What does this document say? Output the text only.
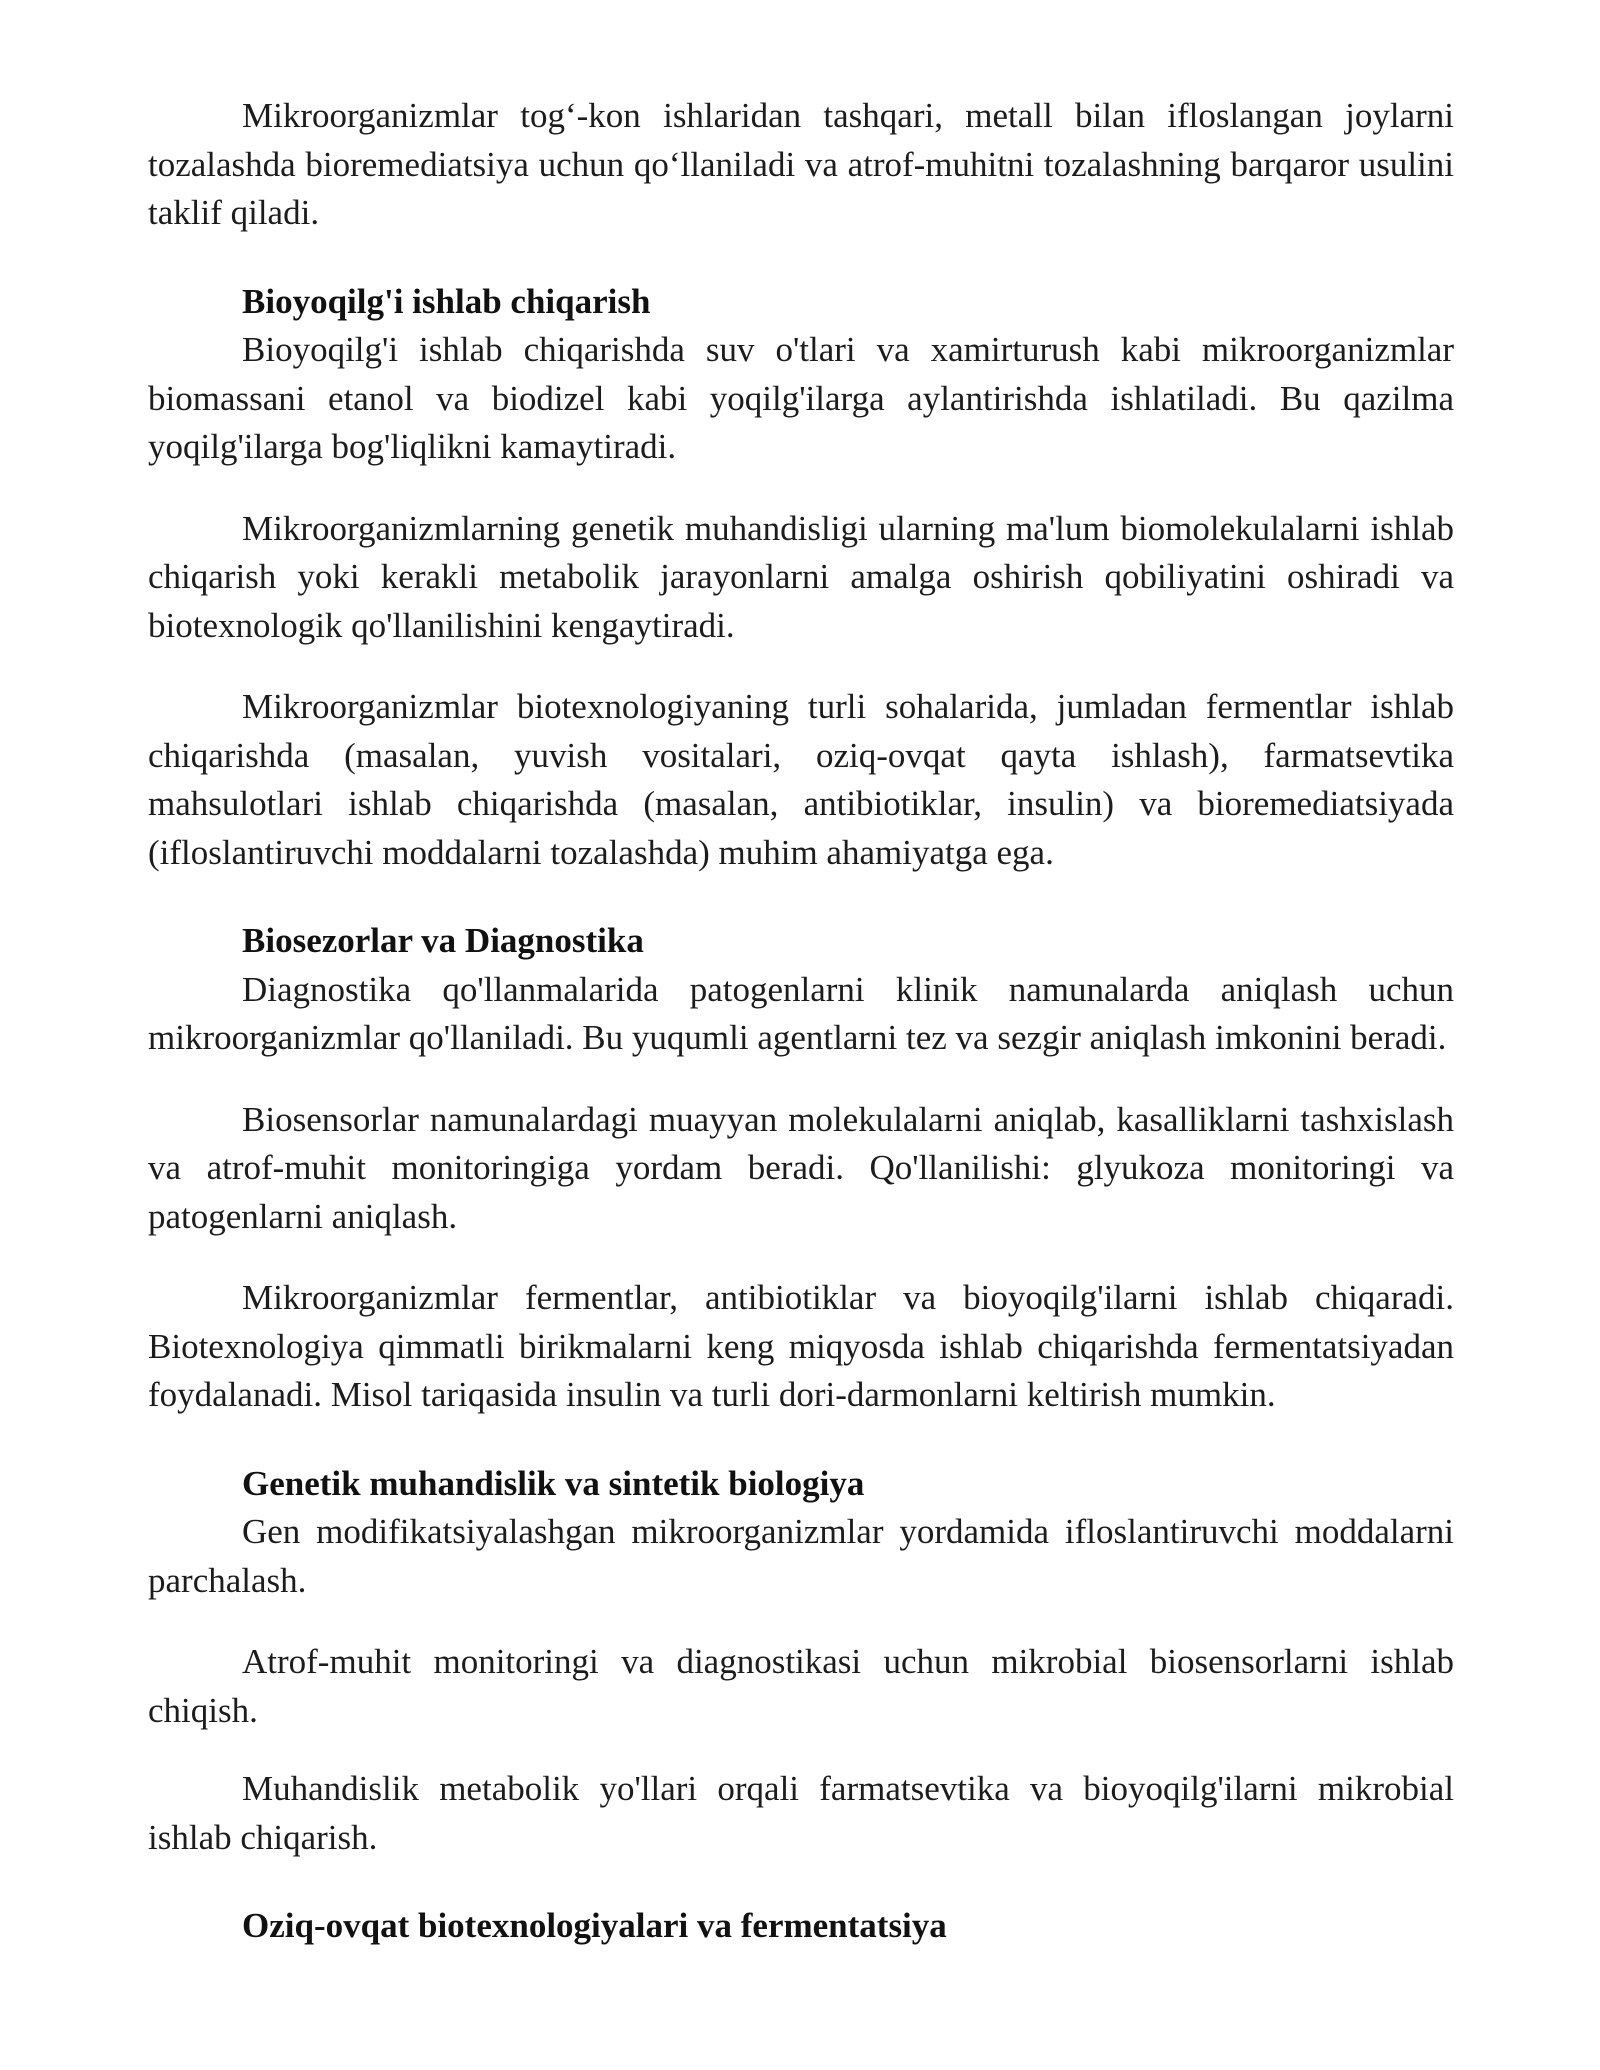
Mikroorganizmlar tog‘-kon ishlaridan tashqari, metall bilan ifloslangan joylarni tozalashda bioremediatsiya uchun qo‘llaniladi va atrof-muhitni tozalashning barqaror usulini taklif qiladi.

Bioyoqilg'i ishlab chiqarish

Bioyoqilg'i ishlab chiqarishda suv o'tlari va xamirturush kabi mikroorganizmlar biomassani etanol va biodizel kabi yoqilg'ilarga aylantirishda ishlatiladi. Bu qazilma yoqilg'ilarga bog'liqlikni kamaytiradi.

Mikroorganizmlarning genetik muhandisligi ularning ma'lum biomolekulalarni ishlab chiqarish yoki kerakli metabolik jarayonlarni amalga oshirish qobiliyatini oshiradi va biotexnologik qo'llanilishini kengaytiradi.

Mikroorganizmlar biotexnologiyaning turli sohalarida, jumladan fermentlar ishlab chiqarishda (masalan, yuvish vositalari, oziq-ovqat qayta ishlash), farmatsevtika mahsulotlari ishlab chiqarishda (masalan, antibiotiklar, insulin) va bioremediatsiyada (ifloslantiruvchi moddalarni tozalashda) muhim ahamiyatga ega.

Biosezorlar va Diagnostika

Diagnostika qo'llanmalarida patogenlarni klinik namunalarda aniqlash uchun mikroorganizmlar qo'llaniladi. Bu yuqumli agentlarni tez va sezgir aniqlash imkonini beradi.

Biosensorlar namunalardagi muayyan molekulalarni aniqlab, kasalliklarni tashxislash va atrof-muhit monitoringiga yordam beradi. Qo'llanilishi: glyukoza monitoringi va patogenlarni aniqlash.

Mikroorganizmlar fermentlar, antibiotiklar va bioyoqilg'ilarni ishlab chiqaradi. Biotexnologiya qimmatli birikmalarni keng miqyosda ishlab chiqarishda fermentatsiyadan foydalanadi. Misol tariqasida insulin va turli dori-darmonlarni keltirish mumkin.

Genetik muhandislik va sintetik biologiya

Gen modifikatsiyalashgan mikroorganizmlar yordamida ifloslantiruvchi moddalarni parchalash.

Atrof-muhit monitoringi va diagnostikasi uchun mikrobial biosensorlarni ishlab chiqish.

Muhandislik metabolik yo'llari orqali farmatsevtika va bioyoqilg'ilarni mikrobial ishlab chiqarish.

Oziq-ovqat biotexnologiyalari va fermentatsiya
